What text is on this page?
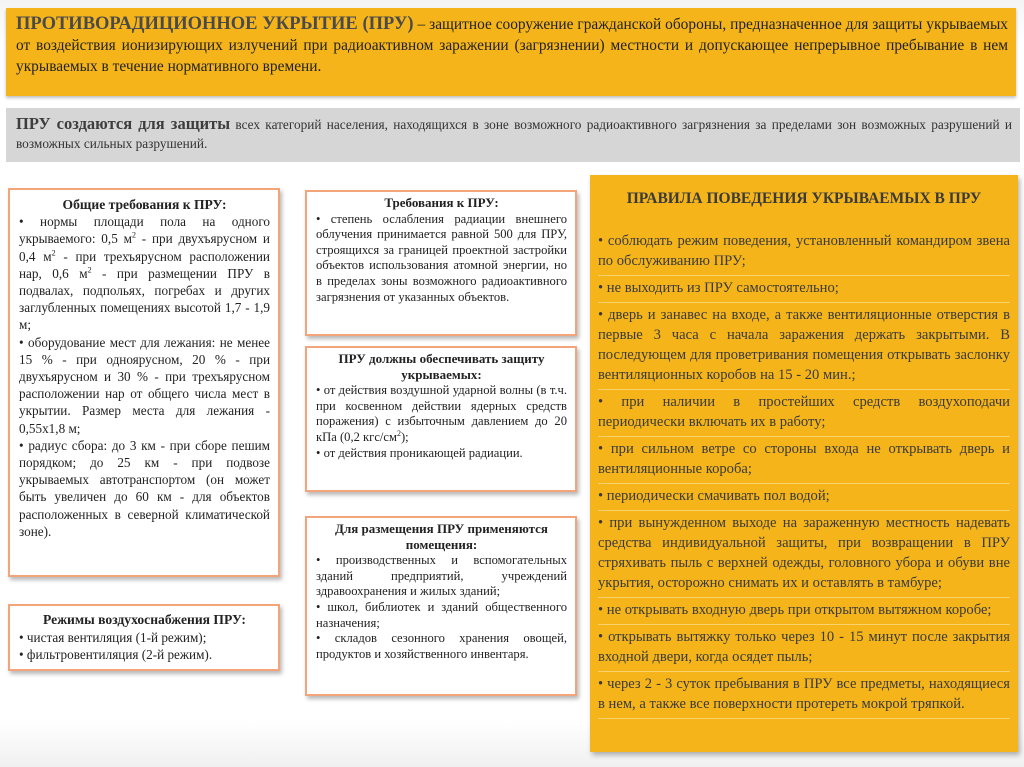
ПРОТИВОРАДИЦИОННОЕ УКРЫТИЕ (ПРУ) – защитное сооружение гражданской обороны, предназначенное для защиты укрываемых от воздействия ионизирующих излучений при радиоактивном заражении (загрязнении) местности и допускающее непрерывное пребывание в нем укрываемых в течение нормативного времени.
ПРУ создаются для защиты всех категорий населения, находящихся в зоне возможного радиоактивного загрязнения за пределами зон возможных разрушений и возможных сильных разрушений.
Общие требования к ПРУ:
• нормы площади пола на одного укрываемого: 0,5 $м^2$ - при двухъярусном и 0,4 $м^2$ - при трехъярусном расположении нар, 0,6 $м^2$ - при размещении ПРУ в подвалах, подпольях, погребах и других заглубленных помещениях высотой 1,7 - 1,9 м;
• оборудование мест для лежания: не менее 15 % - при одноярусном, 20 % - при двухъярусном и 30 % - при трехъярусном расположении нар от общего числа мест в укрытии. Размер места для лежания - 0,55х1,8 м;
• радиус сбора: до 3 км - при сборе пешим порядком; до 25 км - при подвозе укрываемых автотранспортом (он может быть увеличен до 60 км - для объектов расположенных в северной климатической зоне).
Режимы воздухоснабжения ПРУ:
• чистая вентиляция (1-й режим);
• фильтровентиляция (2-й режим).
Требования к ПРУ:
• степень ослабления радиации внешнего облучения принимается равной 500 для ПРУ, строящихся за границей проектной застройки объектов использования атомной энергии, но в пределах зоны возможного радиоактивного загрязнения от указанных объектов.
ПРУ должны обеспечивать защиту укрываемых:
• от действия воздушной ударной волны (в т.ч. при косвенном действии ядерных средств поражения) с избыточным давлением до 20 кПа (0,2 кгс/$см^2$);
• от действия проникающей радиации.
Для размещения ПРУ применяются помещения:
• производственных и вспомогательных зданий предприятий, учреждений здравоохранения и жилых зданий;
• школ, библиотек и зданий общественного назначения;
• складов сезонного хранения овощей, продуктов и хозяйственного инвентаря.
ПРАВИЛА ПОВЕДЕНИЯ УКРЫВАЕМЫХ В ПРУ
• соблюдать режим поведения, установленный командиром звена по обслуживанию ПРУ;
• не выходить из ПРУ самостоятельно;
• дверь и занавес на входе, а также вентиляционные отверстия в первые 3 часа с начала заражения держать закрытыми. В последующем для проветривания помещения открывать заслонку вентиляционных коробов на 15 - 20 мин.;
• при наличии в простейших средств воздухоподачи периодически включать их в работу;
• при сильном ветре со стороны входа не открывать дверь и вентиляционные короба;
• периодически смачивать пол водой;
• при вынужденном выходе на зараженную местность надевать средства индивидуальной защиты, при возвращении в ПРУ стряхивать пыль с верхней одежды, головного убора и обуви вне укрытия, осторожно снимать их и оставлять в тамбуре;
• не открывать входную дверь при открытом вытяжном коробе;
• открывать вытяжку только через 10 - 15 минут после закрытия входной двери, когда осядет пыль;
• через 2 - 3 суток пребывания в ПРУ все предметы, находящиеся в нем, а также все поверхности протереть мокрой тряпкой.
